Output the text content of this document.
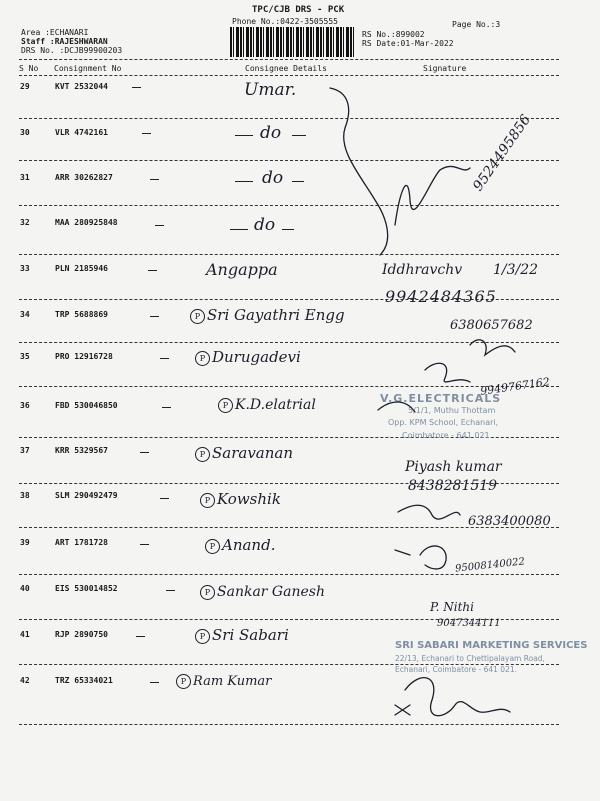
Area :ECHANARI
Staff :RAJESHWARAN
DRS No. :DCJB99900203
TPC/CJB DRS - PCK
Phone No.:0422-3505555
RS No.:899002
RS Date:01-Mar-2022
Page No.:3
S No Consignment No	Consignee Details	Signature
29	KVT 2532044	Umar.
30	VLR 4742161	do
31	ARR 30262827	do
32	MAA 280925848	do
33	PLN 2185946	Angappa
34	TRP 5688869	P Sri Gayathri Engg
35	PRO 12916728	P Durugadevi
36	FBD 530046850	P K.D.elatrial
37	KRR 5329567	P Saravanan
38	SLM 290492479	P Kowshik
39	ART 1781728	P Anand.
40	EIS 530014852	P Sankar Ganesh
41	RJP 2890750	P Sri Sabari
42	TRZ 65334021	P Ram Kumar
V.G.ELECTRICALS
5/1/1, Muthu Thottam
Opp. KPM School, Echanari,
Coimbatore - 641 021.
SRI SABARI MARKETING SERVICES
22/13, Echanari to Chettipalayam Road,
Echanari, Coimbatore - 641 021.
9524495856
Iddhravchv 1/3/22
9942484365
6380657682
9949767162
Piyash kumar
8438281519
6383400080
95008140022
P. Nithi
9047344111
